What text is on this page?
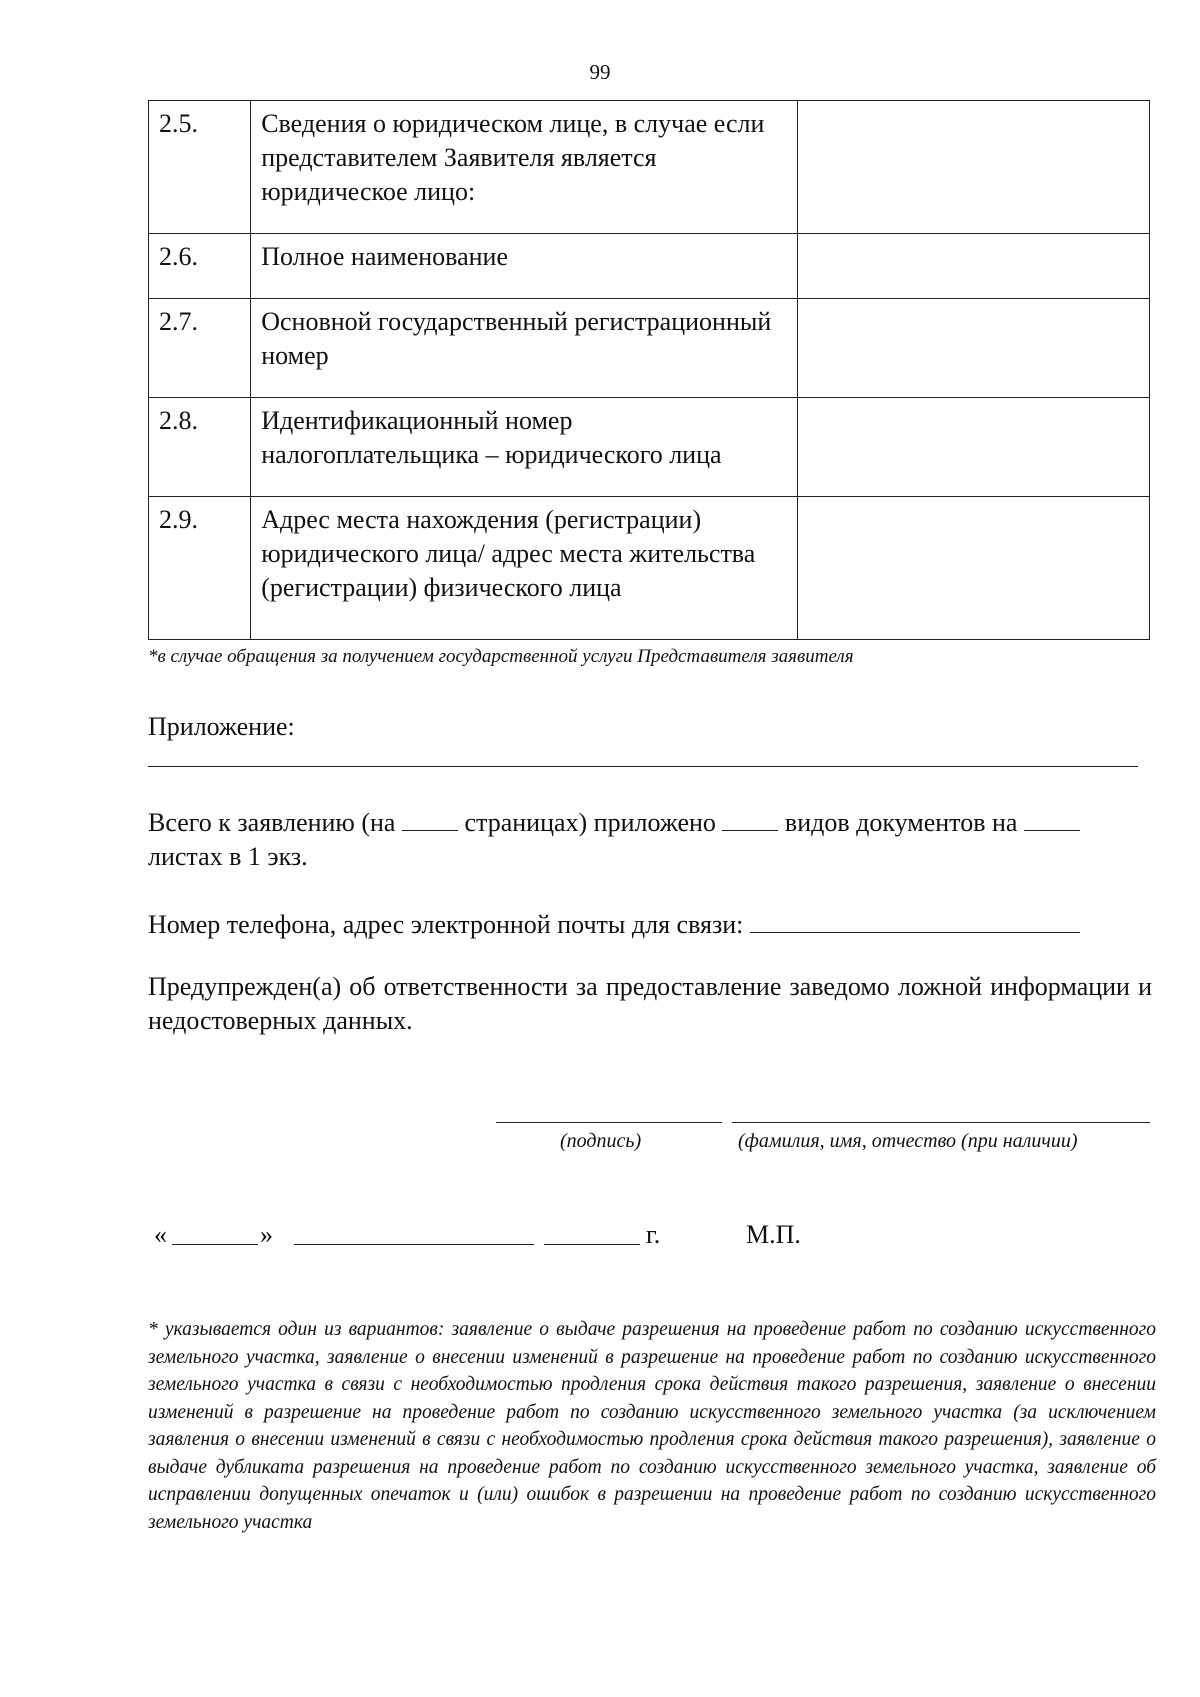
99
2.5.	Сведения о юридическом лице, в случае если представителем Заявителя является юридическое лицо:	
2.6.	Полное наименование	
2.7.	Основной государственный регистрационный номер	
2.8.	Идентификационный номер налогоплательщика – юридического лица	
2.9.	Адрес места нахождения (регистрации) юридического лица/ адрес места жительства (регистрации) физического лица	
*в случае обращения за получением государственной услуги Представителя заявителя
Приложение:
Всего к заявлению (на  страницах) приложено  видов документов на
листах в 1 экз.
Номер телефона, адрес электронной почты для связи:
Предупрежден(а) об ответственности за предоставление заведомо ложной информации и недостоверных данных.
(подпись)	(фамилия, имя, отчество (при наличии)
«	»	г.	М.П.
* указывается один из вариантов: заявление о выдаче разрешения на проведение работ по созданию искусственного земельного участка, заявление о внесении изменений в разрешение на проведение работ по созданию искусственного земельного участка в связи с необходимостью продления срока действия такого разрешения, заявление о внесении изменений в разрешение на проведение работ по созданию искусственного земельного участка (за исключением заявления о внесении изменений в связи с необходимостью продления срока действия такого разрешения), заявление о выдаче дубликата разрешения на проведение работ по созданию искусственного земельного участка, заявление об исправлении допущенных опечаток и (или) ошибок в разрешении на проведение работ по созданию искусственного земельного участка
